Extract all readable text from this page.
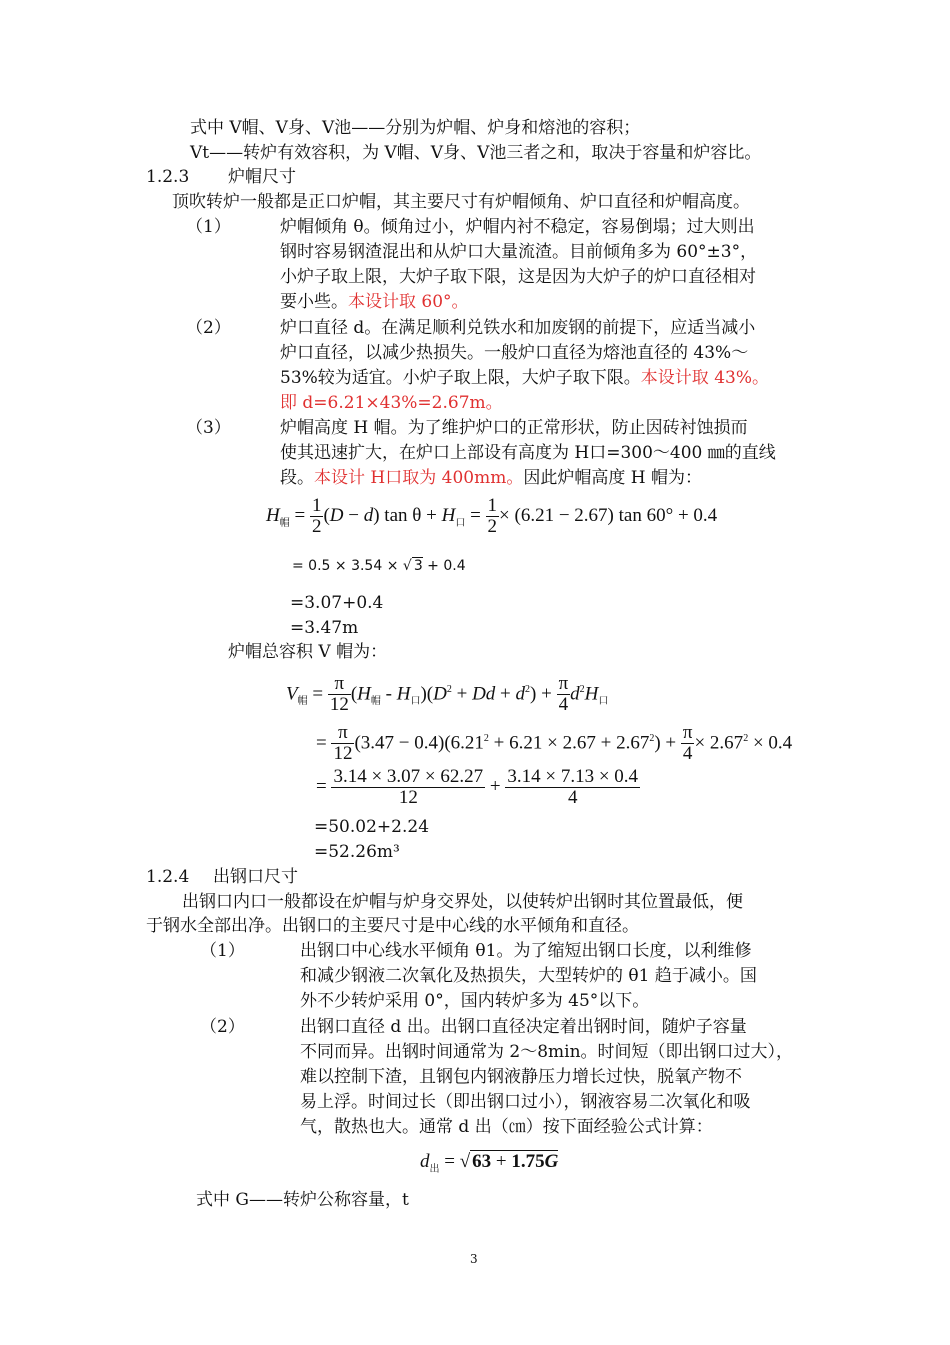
式中 V帽、V身、V池——分别为炉帽、炉身和熔池的容积；
Vt——转炉有效容积，为 V帽、V身、V池三者之和，取决于容量和炉容比。
1.2.3 炉帽尺寸
顶吹转炉一般都是正口炉帽，其主要尺寸有炉帽倾角、炉口直径和炉帽高度。
（1）	炉帽倾角 θ。倾角过小，炉帽内衬不稳定，容易倒塌；过大则出
钢时容易钢渣混出和从炉口大量流渣。目前倾角多为 60°±3°，
小炉子取上限，大炉子取下限，这是因为大炉子的炉口直径相对
要小些。本设计取 60°。
（2）	炉口直径 d。在满足顺利兑铁水和加废钢的前提下，应适当减小
炉口直径，以减少热损失。一般炉口直径为熔池直径的 43%～
53%较为适宜。小炉子取上限，大炉子取下限。本设计取 43%。
即 d=6.21×43%=2.67m。
（3）	炉帽高度 H 帽。为了维护炉口的正常形状，防止因砖衬蚀损而
使其迅速扩大，在炉口上部设有高度为 H口=300～400 ㎜的直线
段。本设计 H口取为 400mm。因此炉帽高度 H 帽为：
$H_帽 = \frac{1}{2} (D - d)$ $\tan \theta + H_口 = \frac{1}{2} \times (6.21 - 2.67)$ tan 60° + 0.4
= 0.5 × 3.54 × √ 3 + 0.4
=3.07+0.4
=3.47m
炉帽总容积 V 帽为：
$V_帽 = \frac{\pi}{12} (H_帽 - H_口)(D^2 + Dd + d^2) + \frac{\pi}{4} d^2H_口$
= $\frac{\pi}{12} (3.47 - 0.4)(6.21^2 + 6.21 \times 2.67 + 2.67^2) + \frac{\pi}{4} \times 2.67^2 \times 0.4$
= $\frac{3.14 \times 3.07 \times 62.27}{12} + \frac{3.14 \times 7.13 \times 0.4}{4}$
=50.02+2.24
=52.26m³
1.2.4 出钢口尺寸
出钢口内口一般都设在炉帽与炉身交界处，以使转炉出钢时其位置最低，便
于钢水全部出净。出钢口的主要尺寸是中心线的水平倾角和直径。
（1）	出钢口中心线水平倾角 θ1。为了缩短出钢口长度，以利维修
和减少钢液二次氧化及热损失，大型转炉的 θ1 趋于减小。国
外不少转炉采用 0°，国内转炉多为 45°以下。
（2）	出钢口直径 d 出。出钢口直径决定着出钢时间，随炉子容量
不同而异。出钢时间通常为 2～8min。时间短（即出钢口过大），
难以控制下渣，且钢包内钢液静压力增长过快，脱氧产物不
易上浮。时间过长（即出钢口过小），钢液容易二次氧化和吸
气，散热也大。通常 d 出（㎝）按下面经验公式计算：
$d_出$ = √ 63 + 1.75G
式中 G——转炉公称容量，t
3
